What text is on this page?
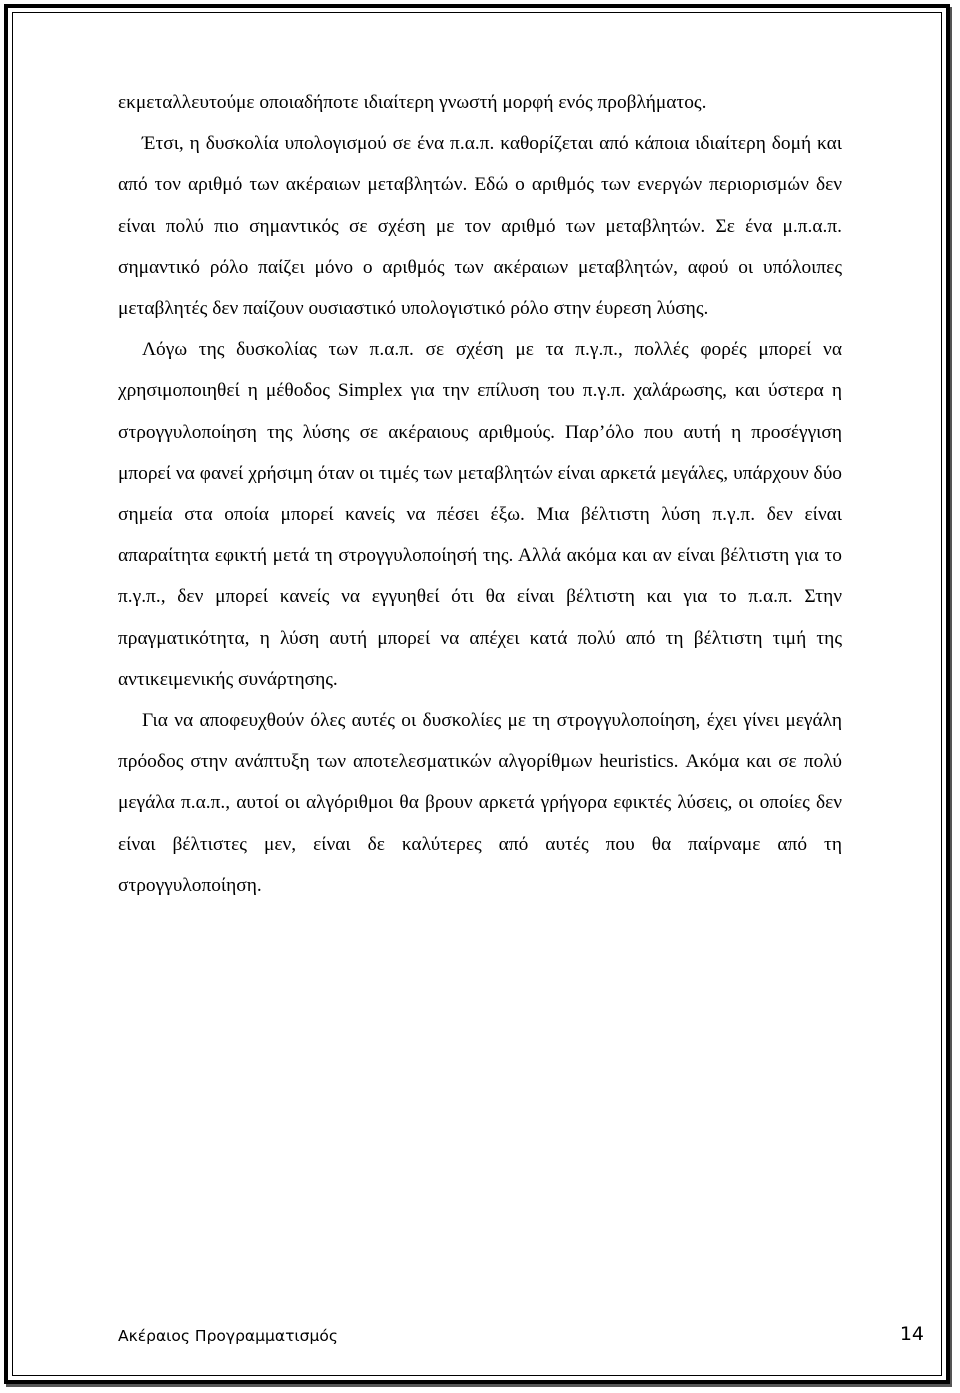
εκμεταλλευτούμε οποιαδήποτε ιδιαίτερη γνωστή μορφή ενός προβλήματος.

Έτσι, η δυσκολία υπολογισμού σε ένα π.α.π. καθορίζεται από κάποια ιδιαίτερη δομή και από τον αριθμό των ακέραιων μεταβλητών. Εδώ ο αριθμός των ενεργών περιορισμών δεν είναι πολύ πιο σημαντικός σε σχέση με τον αριθμό των μεταβλητών. Σε ένα μ.π.α.π. σημαντικό ρόλο παίζει μόνο ο αριθμός των ακέραιων μεταβλητών, αφού οι υπόλοιπες μεταβλητές δεν παίζουν ουσιαστικό υπολογιστικό ρόλο στην έυρεση λύσης.

Λόγω της δυσκολίας των π.α.π. σε σχέση με τα π.γ.π., πολλές φορές μπορεί να χρησιμοποιηθεί η μέθοδος Simplex για την επίλυση του π.γ.π. χαλάρωσης, και ύστερα η στρογγυλοποίηση της λύσης σε ακέραιους αριθμούς. Παρ’όλο που αυτή η προσέγγιση μπορεί να φανεί χρήσιμη όταν οι τιμές των μεταβλητών είναι αρκετά μεγάλες, υπάρχουν δύο σημεία στα οποία μπορεί κανείς να πέσει έξω. Μια βέλτιστη λύση π.γ.π. δεν είναι απαραίτητα εφικτή μετά τη στρογγυλοποίησή της. Αλλά ακόμα και αν είναι βέλτιστη για το π.γ.π., δεν μπορεί κανείς να εγγυηθεί ότι θα είναι βέλτιστη και για το π.α.π. Στην πραγματικότητα, η λύση αυτή μπορεί να απέχει κατά πολύ από τη βέλτιστη τιμή της αντικειμενικής συνάρτησης.

Για να αποφευχθούν όλες αυτές οι δυσκολίες με τη στρογγυλοποίηση, έχει γίνει μεγάλη πρόοδος στην ανάπτυξη των αποτελεσματικών αλγορίθμων heuristics. Ακόμα και σε πολύ μεγάλα π.α.π., αυτοί οι αλγόριθμοι θα βρουν αρκετά γρήγορα εφικτές λύσεις, οι οποίες δεν είναι βέλτιστες μεν, είναι δε καλύτερες από αυτές που θα παίρναμε από τη στρογγυλοποίηση.

Ακέραιος Προγραμματισμός	14
